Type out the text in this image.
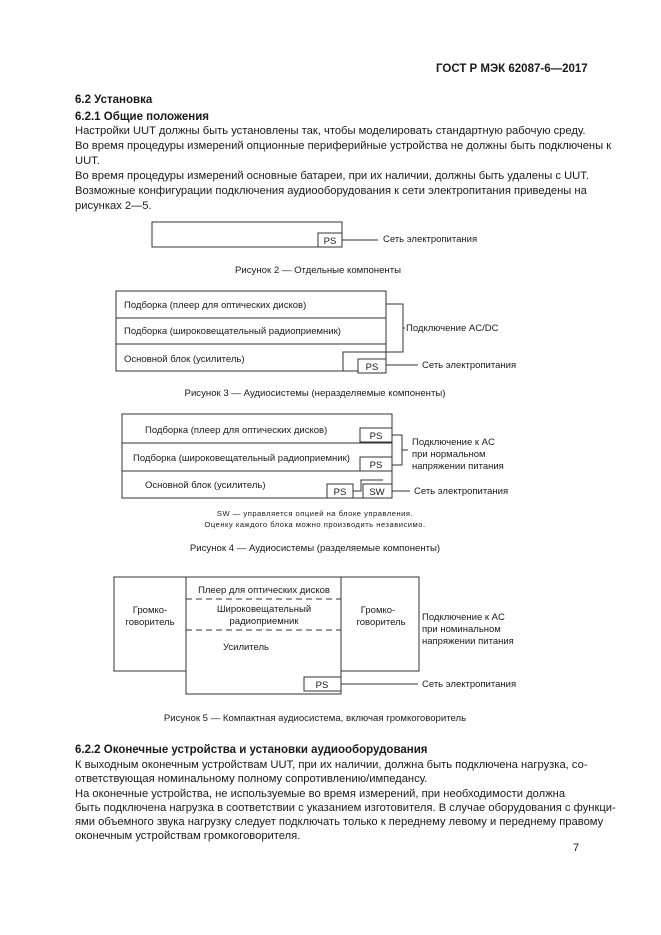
ГОСТ Р МЭК 62087-6—2017
6.2 Установка
6.2.1 Общие положения
Настройки UUT должны быть установлены так, чтобы моделировать стандартную рабочую среду.
Во время процедуры измерений опционные периферийные устройства не должны быть подключены к
UUT.
Во время процедуры измерений основные батареи, при их наличии, должны быть удалены с UUT.
Возможные конфигурации подключения аудиооборудования к сети электропитания приведены на
рисунках 2—5.
PS	Сеть электропитания
Рисунок 2 — Отдельные компоненты
Подборка (плеер для оптических дисков)
Подборка (широковещательный радиоприемник)
Основной блок (усилитель)
PS
Подключение AC/DC
Сеть электропитания
Рисунок 3 — Аудиосистемы (неразделяемые компоненты)
Подборка (плеер для оптических дисков)
Подборка (широковещательный радиоприемник)
Основной блок (усилитель)
PS
PS
PS SW
Подключение к AC
при нормальном
напряжении питания
Сеть электропитания
SW — управляется опцией на блоке управления.
Оценку каждого блока можно производить независимо.
Рисунок 4 — Аудиосистемы (разделяемые компоненты)
Громко-
говоритель
Громко-
говоритель
Плеер для оптических дисков
Широковещательный
радиоприемник
Усилитель
PS	Сеть электропитания
Подключение к AC
при номинальном
напряжении питания
Рисунок 5 — Компактная аудиосистема, включая громкоговоритель
6.2.2 Оконечные устройства и установки аудиооборудования
К выходным оконечным устройствам UUT, при их наличии, должна быть подключена нагрузка, со-
ответствующая номинальному полному сопротивлению/импедансу.
На оконечные устройства, не используемые во время измерений, при необходимости должна
быть подключена нагрузка в соответствии с указанием изготовителя. В случае оборудования с функци-
ями объемного звука нагрузку следует подключать только к переднему левому и переднему правому
оконечным устройствам громкоговорителя.
7
